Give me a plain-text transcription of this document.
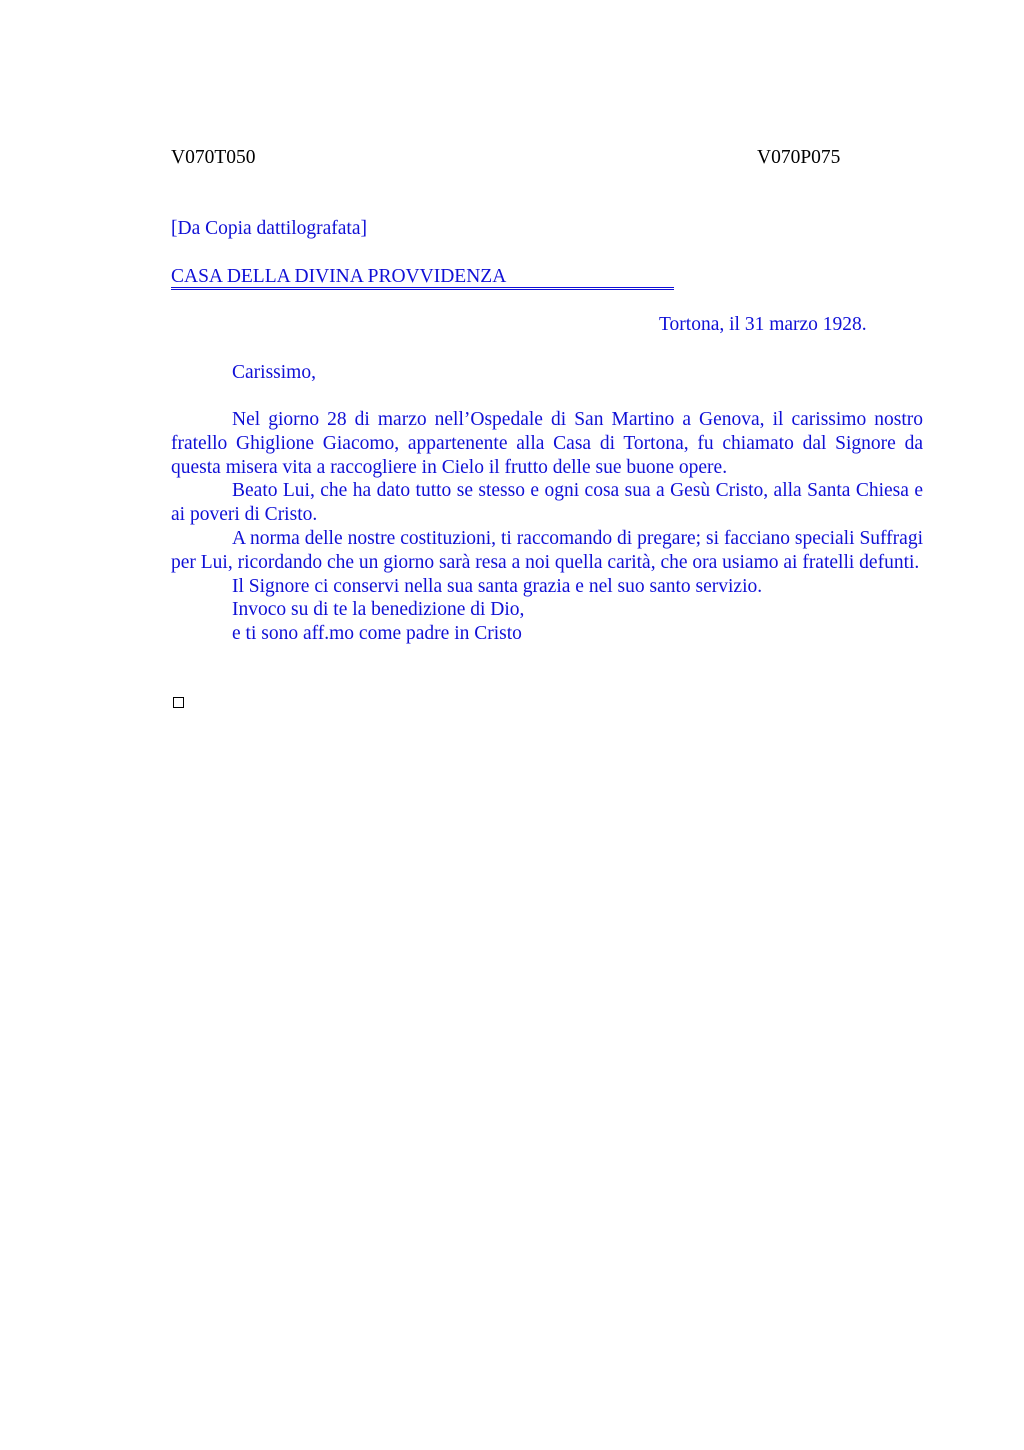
V070T050	V070P075

[Da Copia dattilografata]

CASA DELLA DIVINA PROVVIDENZA

Tortona, il 31 marzo 1928.

Carissimo,

Nel giorno 28 di marzo nell’Ospedale di San Martino a Genova, il carissimo nostro fratello Ghiglione Giacomo, appartenente alla Casa di Tortona, fu chiamato dal Signore da questa misera vita a raccogliere in Cielo il frutto delle sue buone opere.

Beato Lui, che ha dato tutto se stesso e ogni cosa sua a Gesù Cristo, alla Santa Chiesa e ai poveri di Cristo.

A norma delle nostre costituzioni, ti raccomando di pregare; si facciano speciali Suffragi per Lui, ricordando che un giorno sarà resa a noi quella carità, che ora usiamo ai fratelli defunti.

Il Signore ci conservi nella sua santa grazia e nel suo santo servizio.

Invoco su di te la benedizione di Dio,

e ti sono aff.mo come padre in Cristo
